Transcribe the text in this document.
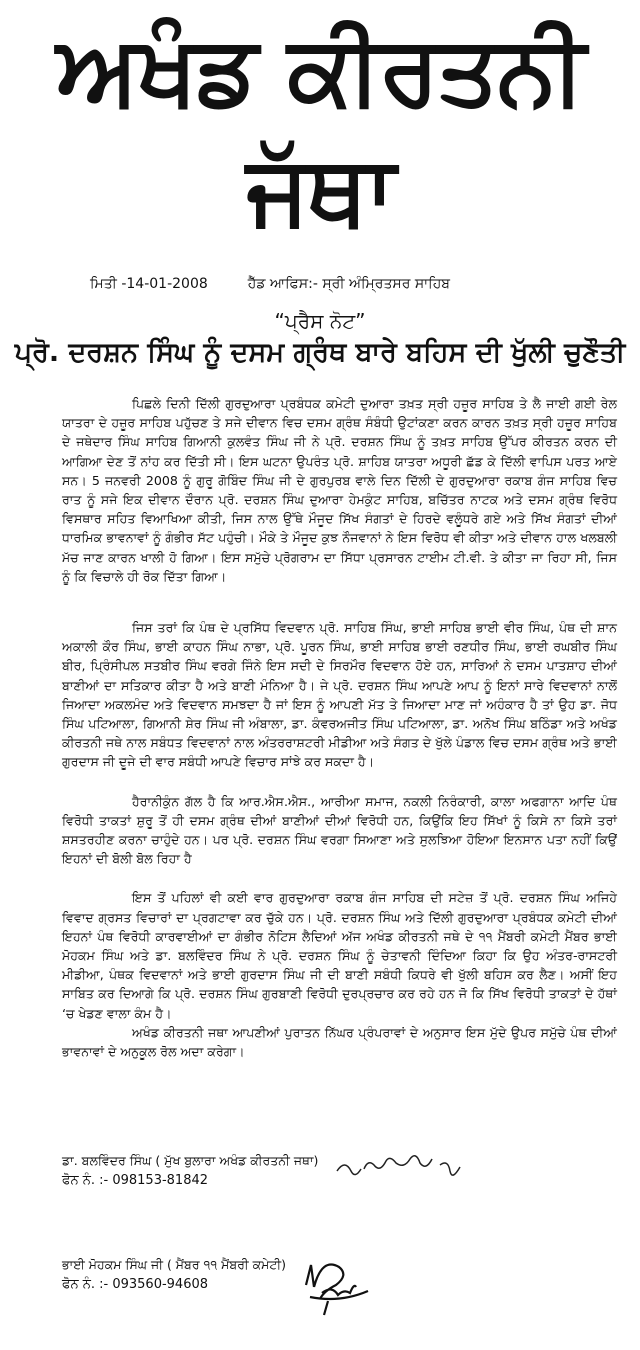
ਅਖੰਡ ਕੀਰਤਨੀ ਜੱਥਾ
ਮਿਤੀ -14-01-2008	ਹੈੱਡ ਆਫਿਸ:- ਸ੍ਰੀ ਅੰਮ੍ਰਿਤਸਰ ਸਾਹਿਬ
“ਪ੍ਰੈਸ ਨੋਟ”
ਪ੍ਰੋ. ਦਰਸ਼ਨ ਸਿੰਘ ਨੂੰ ਦਸਮ ਗ੍ਰੰਥ ਬਾਰੇ ਬਹਿਸ ਦੀ ਖੁੱਲੀ ਚੁਣੌਤੀ

ਪਿਛਲੇ ਦਿਨੀ ਦਿੱਲੀ ਗੁਰਦੁਆਰਾ ਪ੍ਰਬੰਧਕ ਕਮੇਟੀ ਦੁਆਰਾ ਤਖ਼ਤ ਸ੍ਰੀ ਹਜ਼ੂਰ ਸਾਹਿਬ ਤੇ ਲੈ ਜਾਈ ਗਈ ਰੇਲ ਯਾਤਰਾ ਦੇ ਹਜ਼ੂਰ ਸਾਹਿਬ ਪਹੁੱਚਣ ਤੇ ਸਜੇ ਦੀਵਾਨ ਵਿਚ ਦਸਮ ਗ੍ਰੰਥ ਸੰਬੰਧੀ ਉਟਾਂਕਣਾ ਕਰਨ ਕਾਰਨ ਤਖ਼ਤ ਸ੍ਰੀ ਹਜ਼ੂਰ ਸਾਹਿਬ ਦੇ ਜਥੇਦਾਰ ਸਿੰਘ ਸਾਹਿਬ ਗਿਆਨੀ ਕੁਲਵੰਤ ਸਿੰਘ ਜੀ ਨੇ ਪ੍ਰੋ. ਦਰਸ਼ਨ ਸਿੰਘ ਨੂੰ ਤਖ਼ਤ ਸਾਹਿਬ ਉੱਪਰ ਕੀਰਤਨ ਕਰਨ ਦੀ ਆਗਿਆ ਦੇਣ ਤੋਂ ਨਾਂਹ ਕਰ ਦਿੱਤੀ ਸੀ। ਇਸ ਘਟਨਾ ਉਪਰੰਤ ਪ੍ਰੋ. ਸ਼ਾਹਿਬ ਯਾਤਰਾ ਅਧੂਰੀ ਛੱਡ ਕੇ ਦਿੱਲੀ ਵਾਪਿਸ ਪਰਤ ਆਏ ਸਨ। 5 ਜਨਵਰੀ 2008 ਨੂੰ ਗੁਰੂ ਗੋਬਿੰਦ ਸਿੰਘ ਜੀ ਦੇ ਗੁਰਪੁਰਬ ਵਾਲੇ ਦਿਨ ਦਿੱਲੀ ਦੇ ਗੁਰਦੁਆਰਾ ਰਕਾਬ ਗੰਜ ਸਾਹਿਬ ਵਿਚ ਰਾਤ ਨੂੰ ਸਜੇ ਇਕ ਦੀਵਾਨ ਦੌਰਾਨ ਪ੍ਰੋ. ਦਰਸ਼ਨ ਸਿੰਘ ਦੁਆਰਾ ਹੇਮਕੁੰਟ ਸਾਹਿਬ, ਬਚਿੱਤਰ ਨਾਟਕ ਅਤੇ ਦਸਮ ਗ੍ਰੰਥ ਵਿਰੋਧ ਵਿਸਥਾਰ ਸਹਿਤ ਵਿਆਖਿਆ ਕੀਤੀ, ਜਿਸ ਨਾਲ ਉੱਥੇ ਮੌਜੂਦ ਸਿੱਖ ਸੰਗਤਾਂ ਦੇ ਹਿਰਦੇ ਵਲੂੰਧਰੇ ਗਏ ਅਤੇ ਸਿੱਖ ਸੰਗਤਾਂ ਦੀਆਂ ਧਾਰਮਿਕ ਭਾਵਨਾਵਾਂ ਨੂੰ ਗੰਭੀਰ ਸੱਟ ਪਹੁੰਚੀ। ਮੌਕੇ ਤੇ ਮੌਜੂਦ ਕੁਝ ਨੌਜਵਾਨਾਂ ਨੇ ਇਸ ਵਿਰੋਧ ਵੀ ਕੀਤਾ ਅਤੇ ਦੀਵਾਨ ਹਾਲ ਖਲਬਲੀ ਮੱਚ ਜਾਣ ਕਾਰਨ ਖਾਲੀ ਹੋ ਗਿਆ। ਇਸ ਸਮੁੱਚੇ ਪ੍ਰੋਗਰਾਮ ਦਾ ਸਿੱਧਾ ਪ੍ਰਸਾਰਨ ਟਾਈਮ ਟੀ.ਵੀ. ਤੇ ਕੀਤਾ ਜਾ ਰਿਹਾ ਸੀ, ਜਿਸ ਨੂੰ ਕਿ ਵਿਚਾਲੇ ਹੀ ਰੋਕ ਦਿੱਤਾ ਗਿਆ।

ਜਿਸ ਤਰਾਂ ਕਿ ਪੰਥ ਦੇ ਪ੍ਰਸਿੱਧ ਵਿਦਵਾਨ ਪ੍ਰੋ. ਸਾਹਿਬ ਸਿੰਘ, ਭਾਈ ਸਾਹਿਬ ਭਾਈ ਵੀਰ ਸਿੰਘ, ਪੰਥ ਦੀ ਸ਼ਾਨ ਅਕਾਲੀ ਕੌਰ ਸਿੰਘ, ਭਾਈ ਕਾਹਨ ਸਿੰਘ ਨਾਭਾ, ਪ੍ਰੋ. ਪੂਰਨ ਸਿੰਘ, ਭਾਈ ਸਾਹਿਬ ਭਾਈ ਰਣਧੀਰ ਸਿੰਘ, ਭਾਈ ਰਘਬੀਰ ਸਿੰਘ ਬੀਰ, ਪ੍ਰਿੰਸੀਪਲ ਸਤਬੀਰ ਸਿੰਘ ਵਰਗੇ ਜਿੰਨੇ ਇਸ ਸਦੀ ਦੇ ਸਿਰਮੌਰ ਵਿਦਵਾਨ ਹੋਏ ਹਨ, ਸਾਰਿਆਂ ਨੇ ਦਸਮ ਪਾਤਸ਼ਾਹ ਦੀਆਂ ਬਾਣੀਆਂ ਦਾ ਸਤਿਕਾਰ ਕੀਤਾ ਹੈ ਅਤੇ ਬਾਣੀ ਮੰਨਿਆ ਹੈ। ਜੇ ਪ੍ਰੋ. ਦਰਸ਼ਨ ਸਿੰਘ ਆਪਣੇ ਆਪ ਨੂੰ ਇਨਾਂ ਸਾਰੇ ਵਿਦਵਾਨਾਂ ਨਾਲੋਂ ਜਿਆਦਾ ਅਕਲਮੰਦ ਅਤੇ ਵਿਦਵਾਨ ਸਮਝਦਾ ਹੈ ਜਾਂ ਇਸ ਨੂੰ ਆਪਣੀ ਮੱਤ ਤੇ ਜਿਆਦਾ ਮਾਣ ਜਾਂ ਅਹੰਕਾਰ ਹੈ ਤਾਂ ਉਹ ਡਾ. ਜੋਧ ਸਿੰਘ ਪਟਿਆਲਾ, ਗਿਆਨੀ ਸ਼ੇਰ ਸਿੰਘ ਜੀ ਅੰਬਾਲਾ, ਡਾ. ਕੰਵਰਅਜੀਤ ਸਿੰਘ ਪਟਿਆਲਾ, ਡਾ. ਅਨੋਖ ਸਿੰਘ ਬਠਿੰਡਾ ਅਤੇ ਅਖੰਡ ਕੀਰਤਨੀ ਜਥੇ ਨਾਲ ਸਬੰਧਤ ਵਿਦਵਾਨਾਂ ਨਾਲ ਅੰਤਰਰਾਸ਼ਟਰੀ ਮੀਡੀਆ ਅਤੇ ਸੰਗਤ ਦੇ ਖੁੱਲੇ ਪੰਡਾਲ ਵਿਚ ਦਸਮ ਗ੍ਰੰਥ ਅਤੇ ਭਾਈ ਗੁਰਦਾਸ ਜੀ ਦੂਜੇ ਦੀ ਵਾਰ ਸਬੰਧੀ ਆਪਣੇ ਵਿਚਾਰ ਸਾਂਝੇ ਕਰ ਸਕਦਾ ਹੈ।

ਹੈਰਾਨੀਕੁੰਨ ਗੱਲ ਹੈ ਕਿ ਆਰ.ਐਸ.ਐਸ., ਆਰੀਆ ਸਮਾਜ, ਨਕਲੀ ਨਿਰੰਕਾਰੀ, ਕਾਲਾ ਅਫਗਾਨਾ ਆਦਿ ਪੰਥ ਵਿਰੋਧੀ ਤਾਕਤਾਂ ਸ਼ੁਰੂ ਤੋਂ ਹੀ ਦਸਮ ਗ੍ਰੰਥ ਦੀਆਂ ਬਾਣੀਆਂ ਦੀਆਂ ਵਿਰੋਧੀ ਹਨ, ਕਿਉਂਕਿ ਇਹ ਸਿੱਖਾਂ ਨੂੰ ਕਿਸੇ ਨਾ ਕਿਸੇ ਤਰਾਂ ਸ਼ਸਤਰਹੀਣ ਕਰਨਾ ਚਾਹੁੰਦੇ ਹਨ। ਪਰ ਪ੍ਰੋ. ਦਰਸ਼ਨ ਸਿੰਘ ਵਰਗਾ ਸਿਆਣਾ ਅਤੇ ਸੁਲਝਿਆ ਹੋਇਆ ਇਨਸਾਨ ਪਤਾ ਨਹੀਂ ਕਿਉਂ ਇਹਨਾਂ ਦੀ ਬੋਲੀ ਬੋਲ ਰਿਹਾ ਹੈ

ਇਸ ਤੋਂ ਪਹਿਲਾਂ ਵੀ ਕਈ ਵਾਰ ਗੁਰਦੁਆਰਾ ਰਕਾਬ ਗੰਜ ਸਾਹਿਬ ਦੀ ਸਟੇਜ਼ ਤੋਂ ਪ੍ਰੋ. ਦਰਸ਼ਨ ਸਿੰਘ ਅਜਿਹੇ ਵਿਵਾਦ ਗ੍ਰਸਤ ਵਿਚਾਰਾਂ ਦਾ ਪ੍ਰਗਟਾਵਾ ਕਰ ਚੁੱਕੇ ਹਨ। ਪ੍ਰੋ. ਦਰਸ਼ਨ ਸਿੰਘ ਅਤੇ ਦਿੱਲੀ ਗੁਰਦੁਆਰਾ ਪ੍ਰਬੰਧਕ ਕਮੇਟੀ ਦੀਆਂ ਇਹਨਾਂ ਪੰਥ ਵਿਰੋਧੀ ਕਾਰਵਾਈਆਂ ਦਾ ਗੰਭੀਰ ਨੋਟਿਸ ਲੈਦਿਆਂ ਅੱਜ ਅਖੰਡ ਕੀਰਤਨੀ ਜਥੇ ਦੇ ੧੧ ਮੈਂਬਰੀ ਕਮੇਟੀ ਮੈਂਬਰ ਭਾਈ ਮੋਹਕਮ ਸਿੰਘ ਅਤੇ ਡਾ. ਬਲਵਿੰਦਰ ਸਿੰਘ ਨੇ ਪ੍ਰੋ. ਦਰਸ਼ਨ ਸਿੰਘ ਨੂੰ ਚੇਤਾਵਨੀ ਦਿੰਦਿਆ ਕਿਹਾ ਕਿ ਉਹ ਅੰਤਰ-ਰਾਸਟਰੀ ਮੀਡੀਆ, ਪੰਥਕ ਵਿਦਵਾਨਾਂ ਅਤੇ ਭਾਈ ਗੁਰਦਾਸ ਸਿੰਘ ਜੀ ਦੀ ਬਾਣੀ ਸਬੰਧੀ ਕਿਧਰੇ ਵੀ ਖੁੱਲੀ ਬਹਿਸ ਕਰ ਲੈਣ। ਅਸੀਂ ਇਹ ਸਾਬਿਤ ਕਰ ਦਿਆਗੇ ਕਿ ਪ੍ਰੋ. ਦਰਸ਼ਨ ਸਿੰਘ ਗੁਰਬਾਣੀ ਵਿਰੋਧੀ ਦੁਰਪ੍ਰਚਾਰ ਕਰ ਰਹੇ ਹਨ ਜੋ ਕਿ ਸਿੱਖ ਵਿਰੋਧੀ ਤਾਕਤਾਂ ਦੇ ਹੱਥਾਂ ‘ਚ ਖੇਡਣ ਵਾਲਾ ਕੰਮ ਹੈ।

ਅਖੰਡ ਕੀਰਤਨੀ ਜਥਾ ਆਪਣੀਆਂ ਪੁਰਾਤਨ ਨਿੱਘਰ ਪ੍ਰੰਪਰਾਵਾਂ ਦੇ ਅਨੁਸਾਰ ਇਸ ਮੁੱਦੇ ਉਪਰ ਸਮੁੱਚੇ ਪੰਥ ਦੀਆਂ ਭਾਵਨਾਵਾਂ ਦੇ ਅਨੁਕੂਲ ਰੋਲ ਅਦਾ ਕਰੇਗਾ।

ਡਾ. ਬਲਵਿੰਦਰ ਸਿੰਘ ( ਮੁੱਖ ਬੁਲਾਰਾ ਅਖੰਡ ਕੀਰਤਨੀ ਜਥਾ)
ਫੋਨ ਨੰ. :- 098153-81842
ਭਾਈ ਮੋਹਕਮ ਸਿੰਘ ਜੀ ( ਮੈਂਬਰ ੧੧ ਮੈਂਬਰੀ ਕਮੇਟੀ)
ਫੋਨ ਨੰ. :- 093560-94608
